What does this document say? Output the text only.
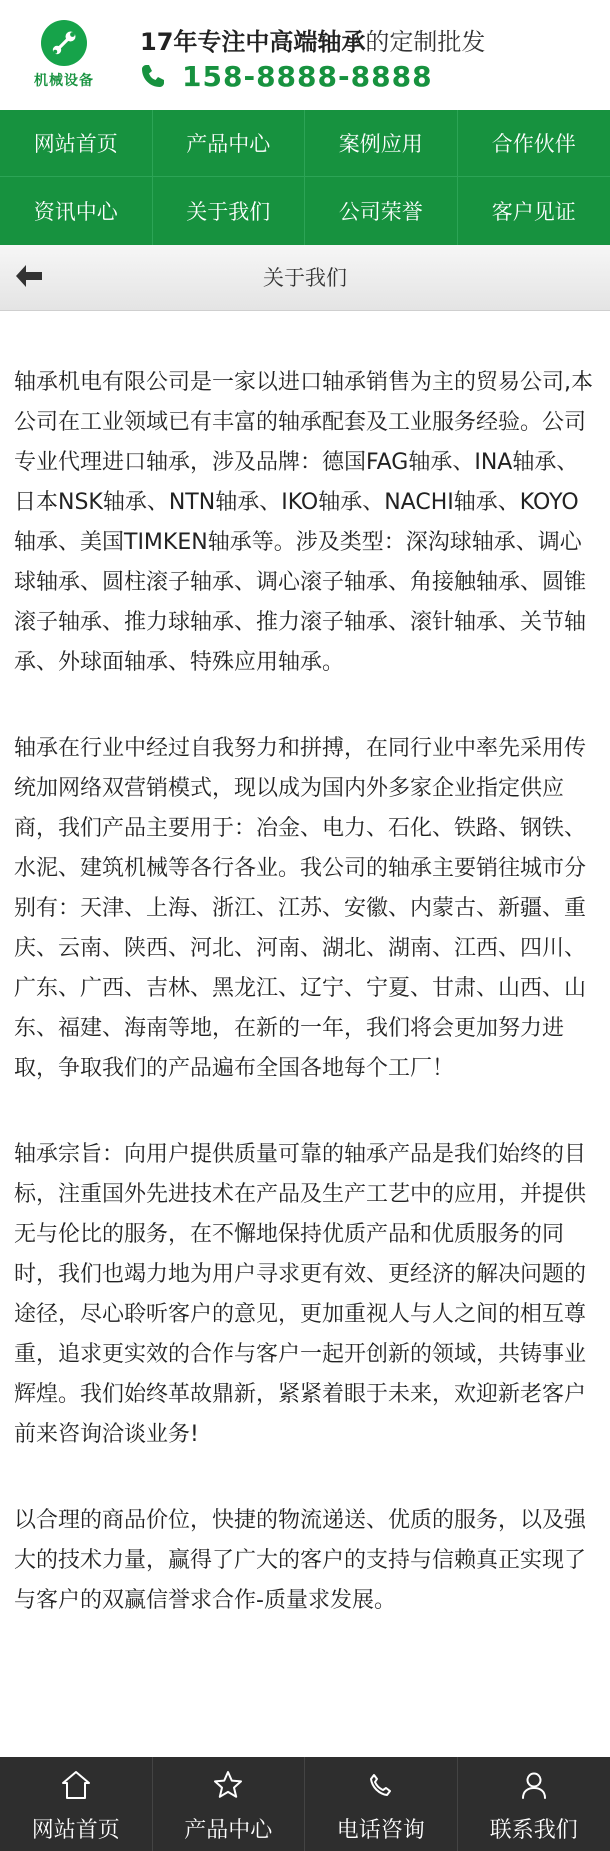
机械设备
17年专注中高端轴承的定制批发
158-8888-8888
网站首页	产品中心	案例应用	合作伙伴
资讯中心	关于我们	公司荣誉	客户见证
关于我们

轴承机电有限公司是一家以进口轴承销售为主的贸易公司,本公司在工业领域已有丰富的轴承配套及工业服务经验。公司专业代理进口轴承，涉及品牌：德国FAG轴承、INA轴承、日本NSK轴承、NTN轴承、IKO轴承、NACHI轴承、KOYO轴承、美国TIMKEN轴承等。涉及类型：深沟球轴承、调心球轴承、圆柱滚子轴承、调心滚子轴承、角接触轴承、圆锥滚子轴承、推力球轴承、推力滚子轴承、滚针轴承、关节轴承、外球面轴承、特殊应用轴承。

轴承在行业中经过自我努力和拼搏，在同行业中率先采用传统加网络双营销模式，现以成为国内外多家企业指定供应商，我们产品主要用于：冶金、电力、石化、铁路、钢铁、水泥、建筑机械等各行各业。我公司的轴承主要销往城市分别有：天津、上海、浙江、江苏、安徽、内蒙古、新疆、重 庆、云南、陕西、河北、河南、湖北、湖南、江西、四川、广东、广西、吉林、黑龙江、辽宁、宁夏、甘肃、山西、山东、福建、海南等地，在新的一年，我们将会更加努力进取，争取我们的产品遍布全国各地每个工厂！

轴承宗旨：向用户提供质量可靠的轴承产品是我们始终的目标，注重国外先进技术在产品及生产工艺中的应用，并提供无与伦比的服务，在不懈地保持优质产品和优质服务的同时，我们也竭力地为用户寻求更有效、更经济的解决问题的途径，尽心聆听客户的意见，更加重视人与人之间的相互尊重，追求更实效的合作与客户一起开创新的领域，共铸事业辉煌。我们始终革故鼎新，紧紧着眼于未来，欢迎新老客户前来咨询洽谈业务!

以合理的商品价位，快捷的物流递送、优质的服务，以及强大的技术力量，赢得了广大的客户的支持与信赖真正实现了与客户的双赢信誉求合作-质量求发展。

网站首页	产品中心	电话咨询	联系我们
